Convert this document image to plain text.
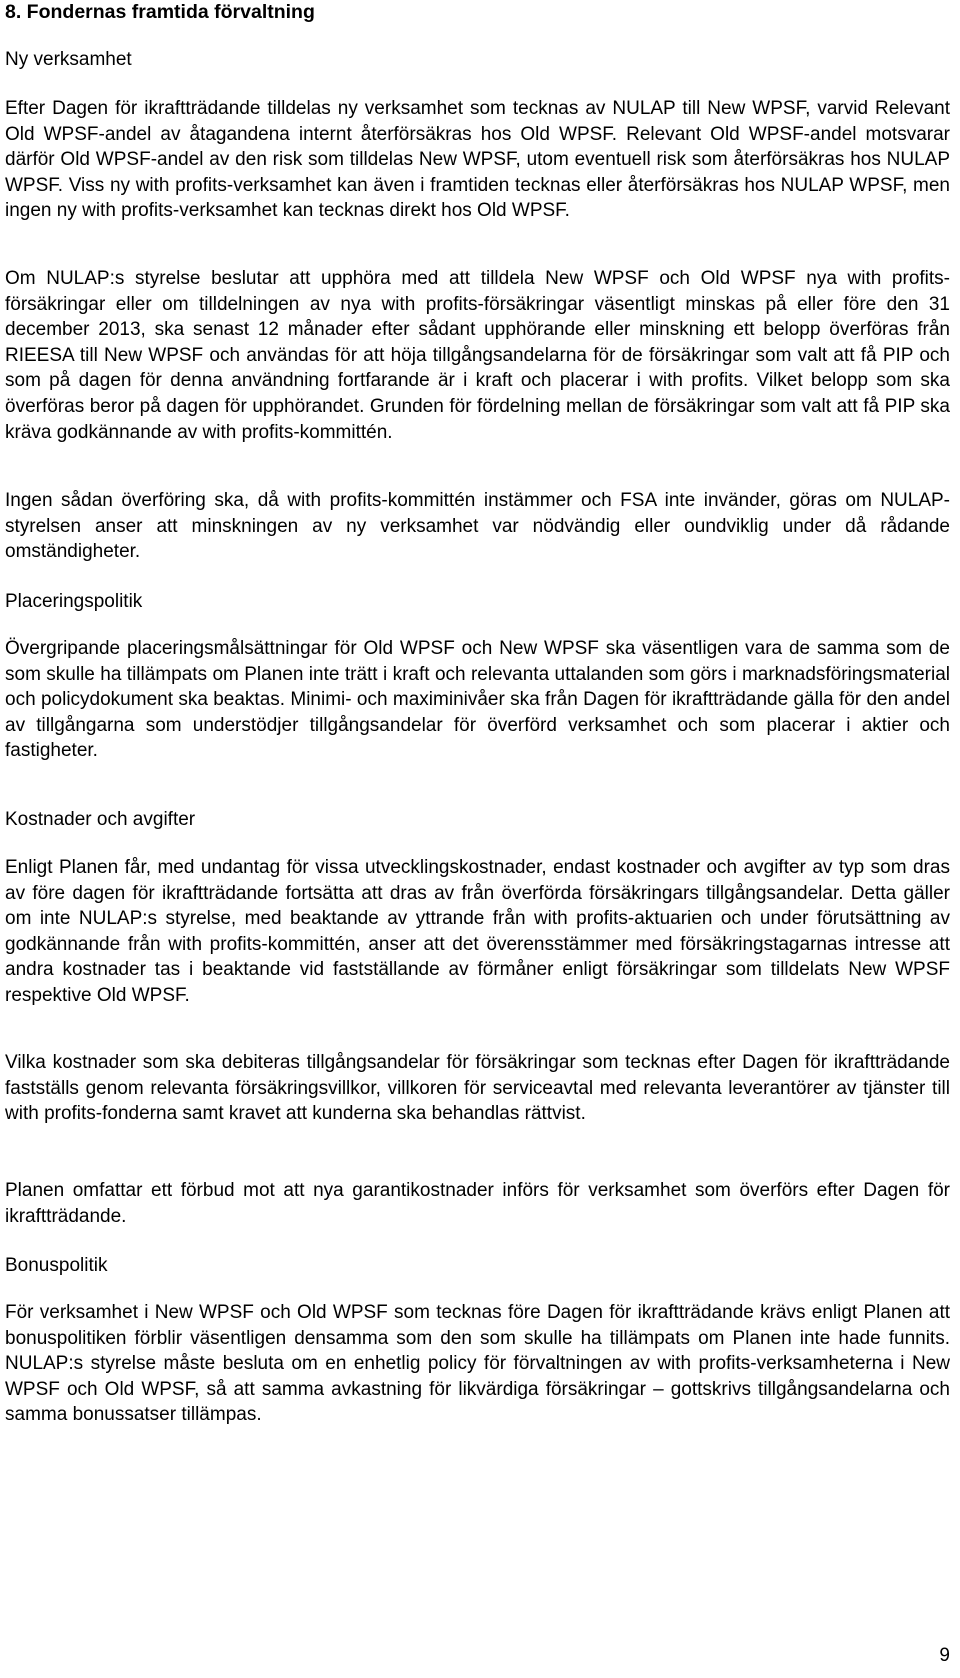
8. Fondernas framtida förvaltning
Ny verksamhet

Efter Dagen för ikraftträdande tilldelas ny verksamhet som tecknas av NULAP till New WPSF, varvid Relevant Old WPSF-andel av åtagandena internt återförsäkras hos Old WPSF. Relevant Old WPSF-andel motsvarar därför Old WPSF-andel av den risk som tilldelas New WPSF, utom eventuell risk som återförsäkras hos NULAP WPSF. Viss ny with profits-verksamhet kan även i framtiden tecknas eller återförsäkras hos NULAP WPSF, men ingen ny with profits-verksamhet kan tecknas direkt hos Old WPSF.

Om NULAP:s styrelse beslutar att upphöra med att tilldela New WPSF och Old WPSF nya with profits-försäkringar eller om tilldelningen av nya with profits-försäkringar väsentligt minskas på eller före den 31 december 2013, ska senast 12 månader efter sådant upphörande eller minskning ett belopp överföras från RIEESA till New WPSF och användas för att höja tillgångsandelarna för de försäkringar som valt att få PIP och som på dagen för denna användning fortfarande är i kraft och placerar i with profits. Vilket belopp som ska överföras beror på dagen för upphörandet. Grunden för fördelning mellan de försäkringar som valt att få PIP ska kräva godkännande av with profits-kommittén.

Ingen sådan överföring ska, då with profits-kommittén instämmer och FSA inte invänder, göras om NULAP-styrelsen anser att minskningen av ny verksamhet var nödvändig eller oundviklig under då rådande omständigheter.

Placeringspolitik

Övergripande placeringsmålsättningar för Old WPSF och New WPSF ska väsentligen vara de samma som de som skulle ha tillämpats om Planen inte trätt i kraft och relevanta uttalanden som görs i marknadsföringsmaterial och policydokument ska beaktas. Minimi- och maximinivåer ska från Dagen för ikraftträdande gälla för den andel av tillgångarna som understödjer tillgångsandelar för överförd verksamhet och som placerar i aktier och fastigheter.

Kostnader och avgifter

Enligt Planen får, med undantag för vissa utvecklingskostnader, endast kostnader och avgifter av typ som dras av före dagen för ikraftträdande fortsätta att dras av från överförda försäkringars tillgångsandelar. Detta gäller om inte NULAP:s styrelse, med beaktande av yttrande från with profits-aktuarien och under förutsättning av godkännande från with profits-kommittén, anser att det överensstämmer med försäkringstagarnas intresse att andra kostnader tas i beaktande vid fastställande av förmåner enligt försäkringar som tilldelats New WPSF respektive Old WPSF.

Vilka kostnader som ska debiteras tillgångsandelar för försäkringar som tecknas efter Dagen för ikraftträdande fastställs genom relevanta försäkringsvillkor, villkoren för serviceavtal med relevanta leverantörer av tjänster till with profits-fonderna samt kravet att kunderna ska behandlas rättvist.

Planen omfattar ett förbud mot att nya garantikostnader införs för verksamhet som överförs efter Dagen för ikraftträdande.

Bonuspolitik

För verksamhet i New WPSF och Old WPSF som tecknas före Dagen för ikraftträdande krävs enligt Planen att bonuspolitiken förblir väsentligen densamma som den som skulle ha tillämpats om Planen inte hade funnits. NULAP:s styrelse måste besluta om en enhetlig policy för förvaltningen av with profits-verksamheterna i New WPSF och Old WPSF, så att samma avkastning för likvärdiga försäkringar – gottskrivs tillgångsandelarna och samma bonussatser tillämpas.

9
